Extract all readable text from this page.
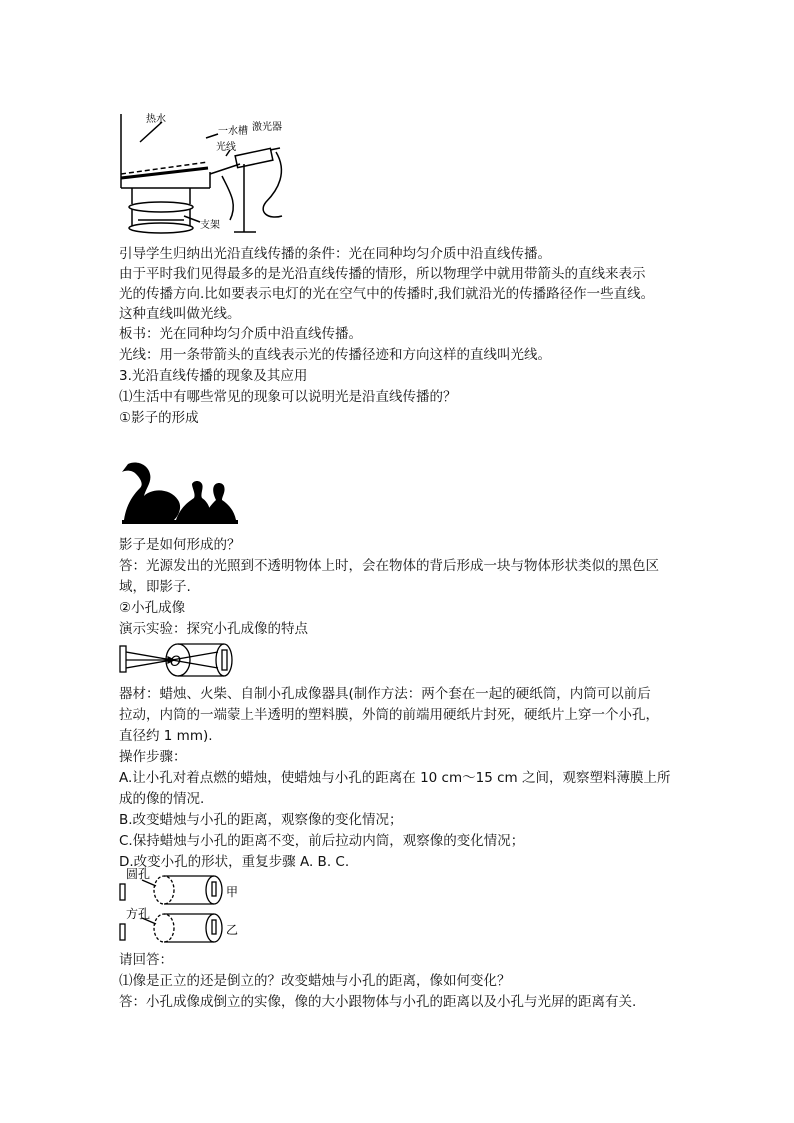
热水
一水槽
光线
激光器
支架
引导学生归纳出光沿直线传播的条件：光在同种均匀介质中沿直线传播。
由于平时我们见得最多的是光沿直线传播的情形，所以物理学中就用带箭头的直线来表示
光的传播方向.比如要表示电灯的光在空气中的传播时,我们就沿光的传播路径作一些直线。
这种直线叫做光线。
板书：光在同种均匀介质中沿直线传播。
光线：用一条带箭头的直线表示光的传播径迹和方向这样的直线叫光线。
3.光沿直线传播的现象及其应用
⑴生活中有哪些常见的现象可以说明光是沿直线传播的？
①影子的形成
影子是如何形成的？
答：光源发出的光照到不透明物体上时，会在物体的背后形成一块与物体形状类似的黑色区
域，即影子.
②小孔成像
演示实验：探究小孔成像的特点
O
器材：蜡烛、火柴、自制小孔成像器具(制作方法：两个套在一起的硬纸筒，内筒可以前后
拉动，内筒的一端蒙上半透明的塑料膜，外筒的前端用硬纸片封死，硬纸片上穿一个小孔，
直径约 1 mm).
操作步骤：
A.让小孔对着点燃的蜡烛，使蜡烛与小孔的距离在 10 cm～15 cm 之间，观察塑料薄膜上所
成的像的情况.
B.改变蜡烛与小孔的距离，观察像的变化情况；
C.保持蜡烛与小孔的距离不变，前后拉动内筒，观察像的变化情况；
D.改变小孔的形状，重复步骤 A. B. C.
圆孔
方孔
甲
乙
请回答：
⑴像是正立的还是倒立的？改变蜡烛与小孔的距离，像如何变化？
答：小孔成像成倒立的实像，像的大小跟物体与小孔的距离以及小孔与光屏的距离有关.
